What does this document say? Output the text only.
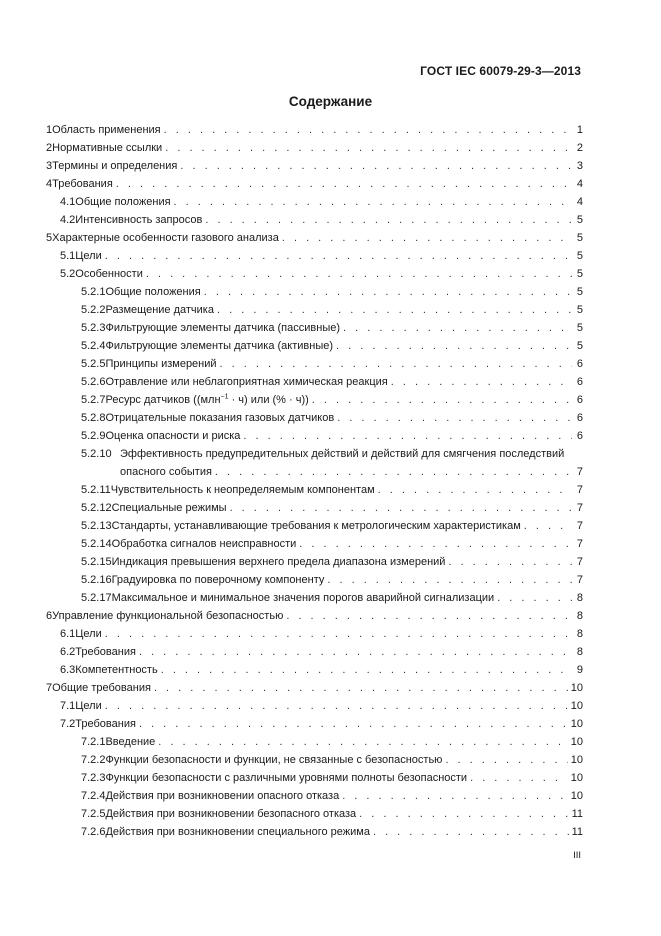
ГОСТ IEC 60079-29-3—2013
Содержание
1 Область применения . . .	1
2 Нормативные ссылки . . .	2
3 Термины и определения . . .	3
4 Требования . . .	4
4.1 Общие положения . . .	4
4.2 Интенсивность запросов . . .	5
5 Характерные особенности газового анализа . . .	5
5.1 Цели . . .	5
5.2 Особенности . . .	5
5.2.1 Общие положения . . .	5
5.2.2 Размещение датчика . . .	5
5.2.3 Фильтрующие элементы датчика (пассивные) . . .	5
5.2.4 Фильтрующие элементы датчика (активные) . . .	5
5.2.5 Принципы измерений . . .	6
5.2.6 Отравление или неблагоприятная химическая реакция . . .	6
5.2.7 Ресурс датчиков ((млн$^{-1}$ · ч) или (% · ч)) . . .	6
5.2.8 Отрицательные показания газовых датчиков . . .	6
5.2.9 Оценка опасности и риска . . .	6
5.2.10 Эффективность предупредительных действий и действий для смягчения последствий
опасного события . . .	7
5.2.11 Чувствительность к неопределяемым компонентам . . .	7
5.2.12 Специальные режимы . . .	7
5.2.13 Стандарты, устанавливающие требования к метрологическим характеристикам . . .	7
5.2.14 Обработка сигналов неисправности . . .	7
5.2.15 Индикация превышения верхнего предела диапазона измерений . . .	7
5.2.16 Градуировка по поверочному компоненту . . .	7
5.2.17 Максимальное и минимальное значения порогов аварийной сигнализации . . .	8
6 Управление функциональной безопасностью . . .	8
6.1 Цели . . .	8
6.2 Требования . . .	8
6.3 Компетентность . . .	9
7 Общие требования . . .	10
7.1 Цели . . .	10
7.2 Требования . . .	10
7.2.1 Введение . . .	10
7.2.2 Функции безопасности и функции, не связанные с безопасностью . . .	10
7.2.3 Функции безопасности с различными уровнями полноты безопасности . . .	10
7.2.4 Действия при возникновении опасного отказа . . .	10
7.2.5 Действия при возникновении безопасного отказа . . .	11
7.2.6 Действия при возникновении специального режима . . .	11
III
